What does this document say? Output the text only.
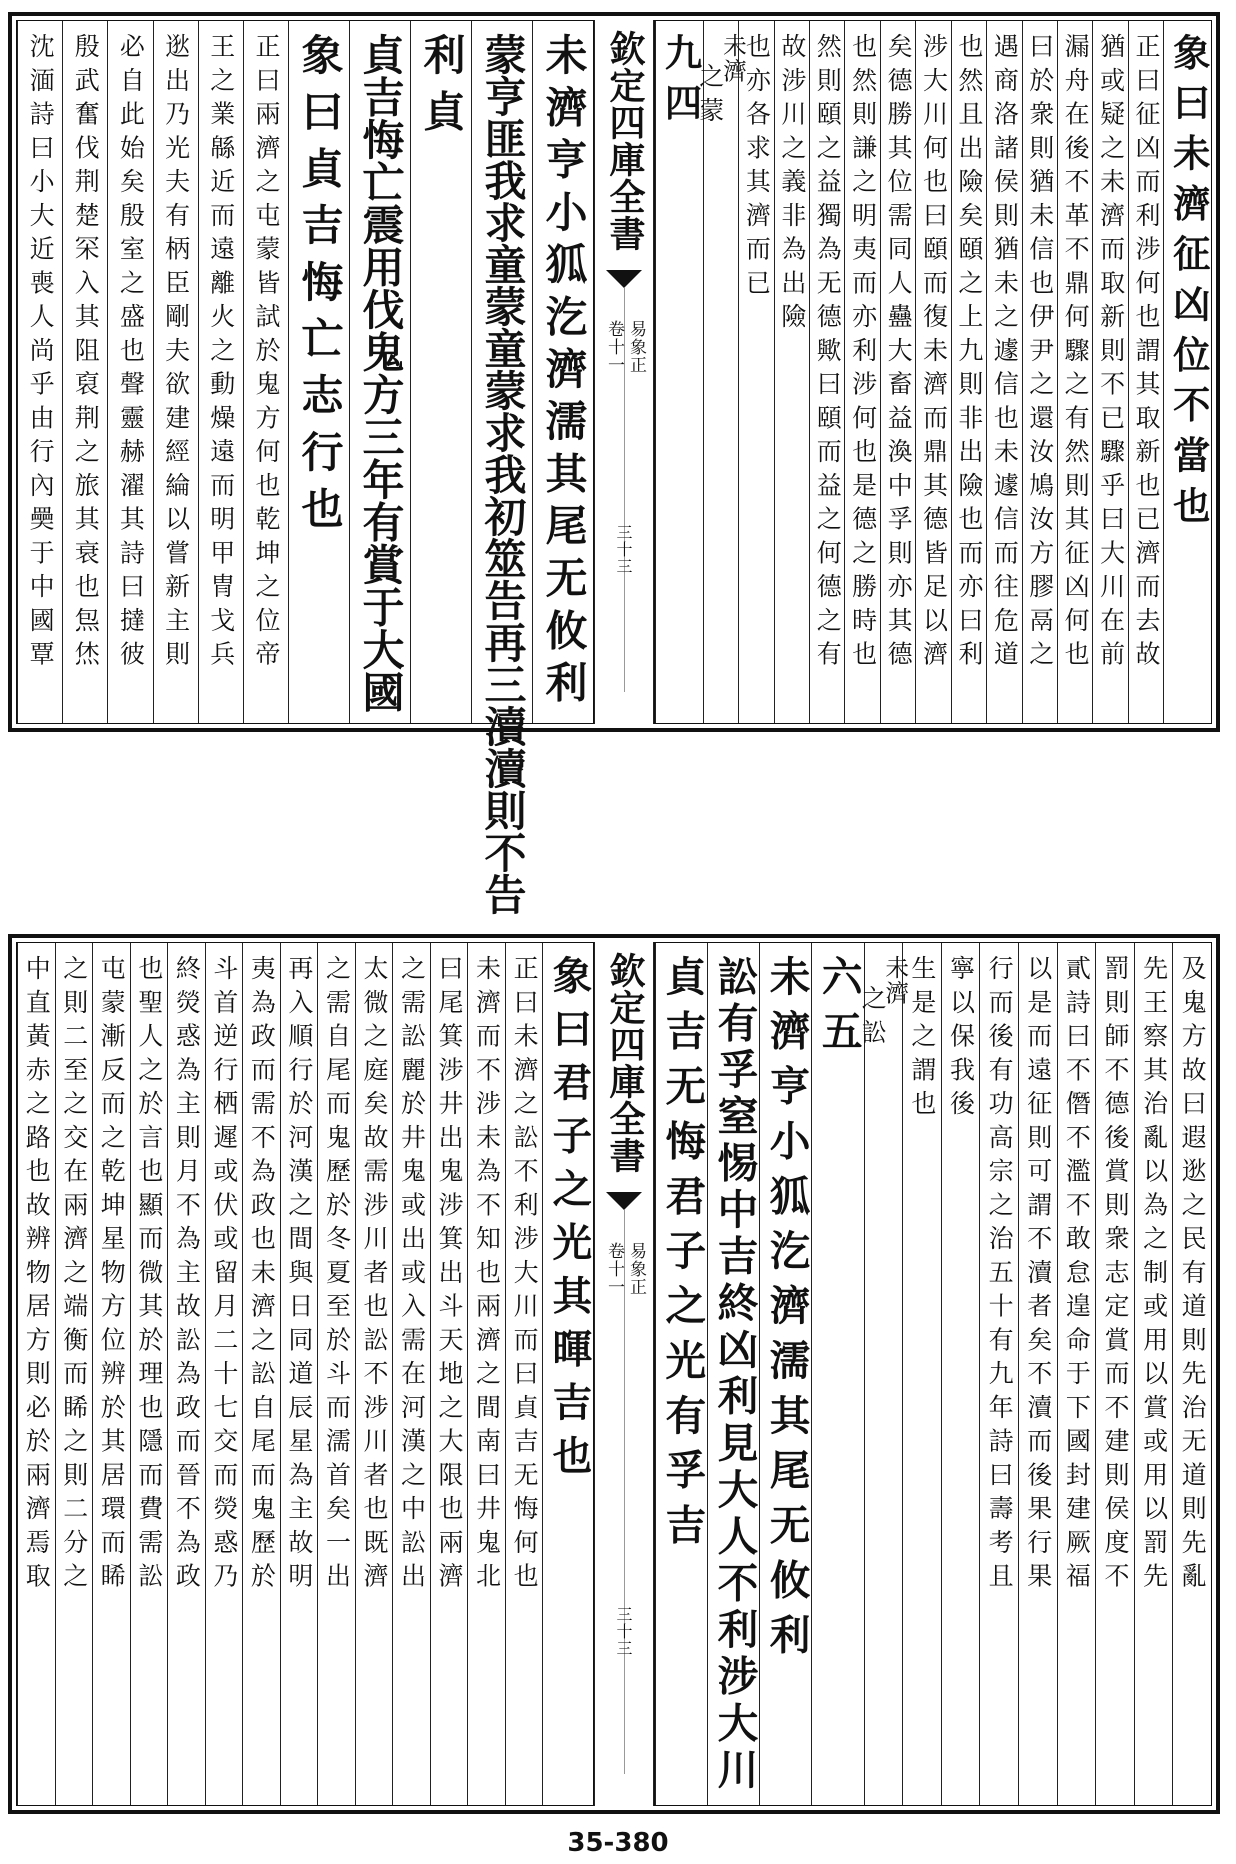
未濟亨小狐汔濟濡其尾无攸利
蒙亨匪我求童蒙童蒙求我初筮告再三瀆瀆則不告
利貞
貞吉悔亡震用伐鬼方三年有賞于大國
象曰貞吉悔亡志行也
正曰兩濟之屯蒙皆試於鬼方何也乾坤之位帝
王之業緜近而遠離火之動燥遠而明甲冑戈兵
逖出乃光夫有柄臣剛夫欲建經綸以嘗新主則
必自此始矣殷室之盛也聲靈赫濯其詩曰撻彼
殷武奮伐荆楚罙入其阻裒荆之旅其衰也炰烋
沈湎詩曰小大近喪人尚乎由行內奰于中國覃	欽定四庫全書
易象正
卷十一
三十三
象曰未濟征凶位不當也
正曰征凶而利涉何也謂其取新也已濟而去故
猶或疑之未濟而取新則不已驟乎曰大川在前
漏舟在後不革不鼎何驟之有然則其征凶何也
曰於衆則猶未信也伊尹之還汝鳩汝方膠鬲之
遇商洛諸侯則猶未之遽信也未遽信而往危道
也然且出險矣頤之上九則非出險也而亦曰利
涉大川何也曰頤而復未濟而鼎其德皆足以濟
矣德勝其位需同人蠱大畜益渙中孚則亦其德
也然則謙之明夷而亦利涉何也是德之勝時也
然則頤之益獨為无德歟曰頤而益之何德之有
故涉川之義非為出險
也亦各求其濟而已
之蒙
未濟
九四
象曰君子之光其暉吉也
正曰未濟之訟不利涉大川而曰貞吉无悔何也
未濟而不涉未為不知也兩濟之間南曰井鬼北
曰尾箕涉井出鬼涉箕出斗天地之大限也兩濟
之需訟麗於井鬼或出或入需在河漢之中訟出
太微之庭矣故需涉川者也訟不涉川者也既濟
之需自尾而鬼歷於冬夏至於斗而濡首矣一出
再入順行於河漢之間與日同道辰星為主故明
夷為政而需不為政也未濟之訟自尾而鬼歷於
斗首逆行栖遲或伏或留月二十七交而熒惑乃
終熒惑為主則月不為主故訟為政而晉不為政
也聖人之於言也顯而微其於理也隱而費需訟
屯蒙漸反而之乾坤星物方位辨於其居環而睎
之則二至之交在兩濟之端衡而睎之則二分之
中直黃赤之路也故辨物居方則必於兩濟焉取	欽定四庫全書
易象正
卷十一
三十三
及鬼方故曰遐逖之民有道則先治无道則先亂
先王察其治亂以為之制或用以賞或用以罰先
罰則師不德後賞則衆志定賞而不建則侯度不
貳詩曰不僭不濫不敢怠遑命于下國封建厥福
以是而遠征則可謂不瀆者矣不瀆而後果行果
行而後有功高宗之治五十有九年詩曰壽考且
寧以保我後
生是之謂也
之訟
未濟
六五
未濟亨小狐汔濟濡其尾无攸利
訟有孚窒惕中吉終凶利見大人不利涉大川
貞吉无悔君子之光有孚吉
35-380
